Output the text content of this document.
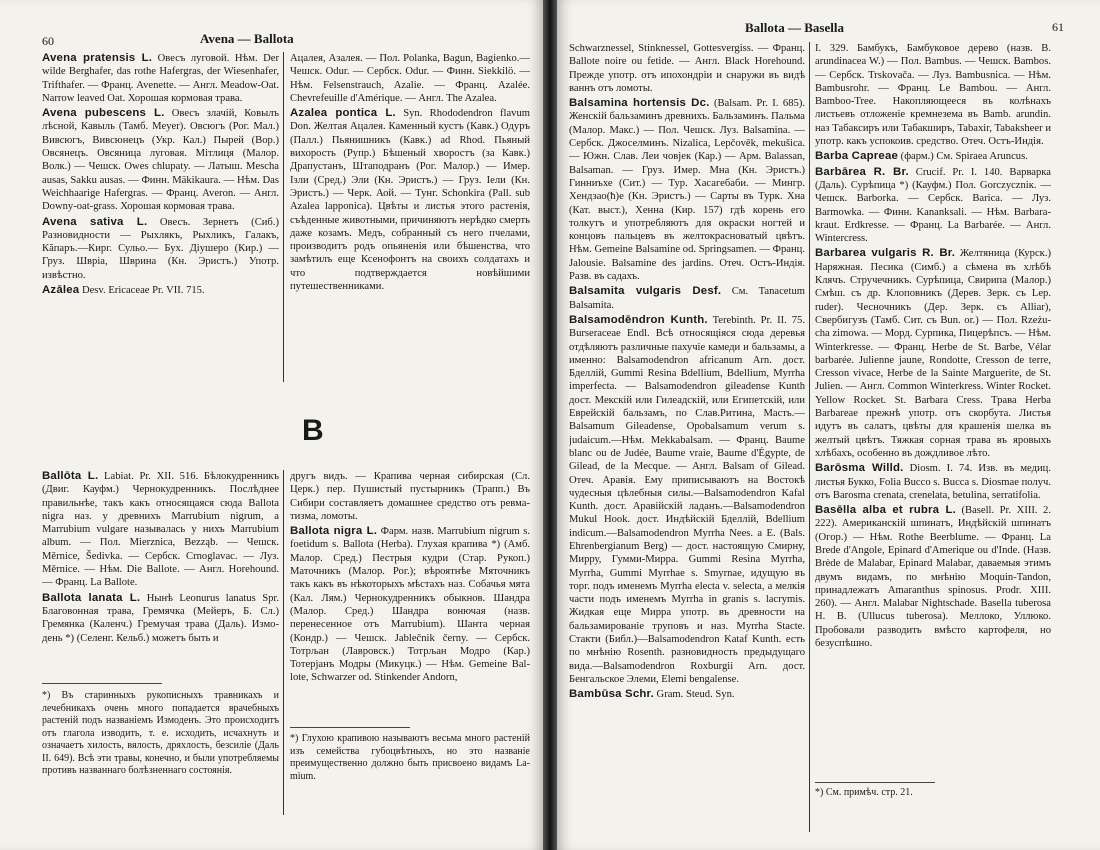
60	Avena — Ballota

Avena pratensis L. Овесъ луговой. Нѣм. Der wilde Berghafer, das rothe Hafergras, der Wiesenhafer, Trifthafer. — Франц. Avenette. — Англ. Meadow-Oat. Narrow leaved Oat. Хорошая кормовая трава.

Avena pubescens L. Овесъ злачій, Ковылъ лѣсной, Кавыль (Тамб. Meyer). Овсюгъ (Рог. Мал.) Вивсюгъ, Вивсюнецъ (Укр. Кал.) Пырей (Вор.) Овсянецъ. Овсяница луговая. Мітлиця (Малор. Волк.) — Чешск. Owes chlupaty. — Латыш. Mescha ausas, Sakku ausas. — Финн. Mäkikaura. — Нѣм. Das Weichhaarige Hafergras. — Франц. Averon. — Англ. Downy-oat-grass. Хорошая кормовая трава.

Avena sativa L. Овесъ. Зернетъ (Сиб.) Разновидности — Рыхлякъ, Рыхликъ, Галакъ, Кăпаръ.—Кирг. Сульо.— Бух. Дiушеро (Кир.) — Груз. Шврiа, Шврина (Кн. Эристъ.) Употр. извѣстно.

Azālea Desv. Ericaceae Pr. VII. 715.

Ацалея, Азалея. — Пол. Polanka, Bagun, Bagienko.— Чешск. Odur. — Сербск. Odur. — Финн. Siekkilö. — Нѣм. Felsenstrauch, Azalie. — Франц. Azalée. Chevrefeuille d'Amérique. — Англ. The Azalea.

Azalea pontica L. Syn. Rhododendron flavum Don. Желтая Ацалея. Каменный кустъ (Кавк.) Одуръ (Палл.) Пьянишникъ (Кавк.) ad Rhod. Пьяный вихорость (Рупр.) Бѣшеный хворостъ (за Кавк.) Драпустанъ, Штаподранъ (Рог. Малор.) — Имер. Ізли (Сред.) Эли (Кн. Эристъ.) — Груз. Іели (Кн. Эристъ.) — Черк. Аой. — Тунг. Schonkira (Pall. sub Azalea lapponica). Цвѣты и листья этого растенія, съѣденные животными, причиняютъ нерѣдко смерть даже козамъ. Медъ, собранный съ него пчелами, производитъ родъ опьяненія или бѣшенства, что замѣтилъ еще Ксенофонтъ на своихъ солдатахъ и что подтверждается новѣйшими путешественниками.

B

Ballōta L. Labiat. Pr. XII. 516. Бѣлокудренникъ (Двиг. Кауфм.) Чернокудренникъ. Послѣднее правильнѣе, такъ какъ относящаяся сюда Ballota nigra наз. у древнихъ Marrubium nigrum, а Marrubium vulgare называлась у нихъ Marrubium album. — Пол. Mierznica, Bezząb. — Чешск. Měrnice, Šedivka. — Сербск. Crnoglavac. — Луз. Měrnice. — Нѣм. Die Ballote. — Англ. Horehound. — Франц. La Ballote.

Ballota lanata L. Нынѣ Leonurus lanatus Spr. Благовонная трава, Гремячка (Мейеръ, Б. Сл.) Гремянка (Каленч.) Гремучая трава (Даль). Измодень *) (Селенг. Кельб.) можетъ быть и

другъ видъ. — Крапива черная сибирская (Сл. Церк.) пер. Пушистый пустырникъ (Трапп.) Въ Сибири составляетъ домашнее средство отъ ревматизма, ломоты.

Ballota nigra L. Фарм. назв. Marrubium nigrum s. foetidum s. Ballota (Herba). Глухая крапива *) (Амб. Малор. Сред.) Пестрыя кудри (Стар. Рукоп.) Маточникъ (Малор. Рог.); вѣроятнѣе Мяточникъ такъ какъ въ нѣкоторыхъ мѣстахъ наз. Собачья мята (Кал. Лям.) Чернокудренникъ обыкнов. Шандра (Малор. Сред.) Шандра вонючая (назв. перенесенное отъ Marrubium). Шанта черная (Кондр.) — Чешск. Jablečnik černy. — Сербск. Тотрљан (Лавровск.) Тотрљан Модро (Кар.) Тотерјанъ Модры (Микуцк.) — Нѣм. Gemeine Ballote, Schwarzer od. Stinkender Andorn,

*) Въ старинныхъ рукописныхъ травникахъ и лечебникахъ очень много попадается врачебныхъ растеній подъ названіемъ Измоденъ. Это происходитъ отъ глагола изводить, т. е. исходить, исчахнуть и означаетъ хилость, вялость, дряхлость, безсиліе (Даль II. 649). Всѣ эти травы, конечно, и были употребляемы противъ названнаго болѣзненнаго состоянія.
*) Глухою крапивою называютъ весьма много растеній изъ семейства губоцвѣтныхъ, но это названіе преимущественно должно быть присвоено видамъ Lamium.
Ballota — Basella	61

Schwarznessel, Stinknessel, Gottesvergiss. — Франц. Ballote noire ou fetide. — Англ. Black Horehound. Прежде употр. отъ ипохондріи и снаружи въ видѣ ваннъ отъ ломоты.

Balsamina hortensis Dc. (Balsam. Pr. I. 685). Женскій бальзаминъ древнихъ. Бальзаминъ. Пальма (Малор. Макс.) — Пол. Чешск. Луз. Balsamina. — Сербск. Джоселминъ. Nizalica, Lepčovēk, mekušica. — Южн. Слав. Леи човјек (Кар.) — Арм. Balassan, Balsaman. — Груз. Имер. Мна (Кн. Эристъ.) Гинниъхе (Сит.) — Тур. Хасагебаби. — Мингр. Хендзао(ħ)е (Кн. Эристъ.) — Сарты въ Турк. Хна (Кат. выст.), Хенна (Кир. 157) гдѣ корень его толкутъ и употребляютъ для окраски ногтей и концовъ пальцевъ въ желтокрасноватый цвѣтъ. Нѣм. Gemeine Balsamine od. Springsamen. — Франц. Jalousie. Balsamine des jardins. Отеч. Остъ-Индія. Разв. въ садахъ.

Balsamita vulgaris Desf. См. Tanacetum Balsamita.

Balsamodēndron Kunth. Terebinth. Pr. II. 75. Burseraceae Endl. Всѣ относящіяся сюда деревья отдѣляютъ различные пахучіе камеди и бальзамы, а именно: Balsamodendron africanum Arn. дост. Бделлій, Gummi Resina Bdellium, Bdellium, Myrrha imperfecta. — Balsamodendron gileadense Kunth дост. Мекскій или Гилеадскій, или Египетскій, или Еврейскій бальзамъ, по Слав.Ритина, Масть.—Balsamum Gileadense, Opobalsamum verum s. judaicum.—Нѣм. Mekkabalsam. — Франц. Baume blanc ou de Judée, Baume vraie, Baume d'Égypte, de Gilead, de la Mecque. — Англ. Balsam of Gilead. Отеч. Аравія. Ему приписываютъ на Востокѣ чудесныя цѣлебныя силы.—Balsamodendron Kafal Kunth. дост. Аравійскій ладанъ.—Balsamodendron Mukul Hook. дост. Индѣйскій Бделлій, Bdellium indicum.—Balsamodendron Myrrha Nees. a E. (Bals. Ehrenbergianum Berg) — дост. настоящую Смирну, Мирру, Гумми-Мирра. Gummi Resina Myrrha, Myrrha, Gummi Myrrhae s. Smyrnae, идущую въ торг. подъ именемъ Myrrha electa v. selecta, а мелкія части подъ именемъ Myrrha in granis s. lacrymis. Жидкая еще Мирра употр. въ древности на бальзамированіе труповъ и наз. Myrrha Stacte. Стакти (Библ.)—Balsamodendron Kataf Kunth. есть по мнѣнію Rosenth. разновидность предыдущаго вида.—Balsamodendron Roxburgii Arn. дост. Бенгальское Элеми, Elemi bengalense.

Bambūsa Schr. Gram. Steud. Syn.

I. 329. Бамбукъ, Бамбуковое дерево (назв. В. arundinacea W.) — Пол. Bambus. — Чешск. Bambos. — Сербск. Trskovača. — Луз. Bambusnica. — Нѣм. Bambusrohr. — Франц. Le Bambou. — Англ. Bamboo-Tree. Накопляющееся въ колѣнахъ листьевъ отложеніе кремнезема въ Bamb. arundin. наз Табаксиръ или Табакширъ, Tabaxir, Tabaksheer и употр. какъ успокоив. средство. Отеч. Остъ-Индія.

Barba Capreae (фарм.) См. Spiraea Aruncus.

Barbārea R. Br. Crucif. Pr. I. 140. Варварка (Даль). Сурѣпица *) (Кауфм.) Пол. Gorczyczniк. — Чешск. Barborka. — Сербск. Barica. — Луз. Barmowka. — Финн. Kananksali. — Нѣм. Barbarakraut. Erdkresse. — Франц. La Barbarée. — Англ. Wintercress.

Barbarea vulgaris R. Br. Желтяница (Курск.) Наряжная. Песика (Симб.) а сѣмена въ хлѣбѣ Клячъ. Стручечникъ. Сурѣпица, Свирипа (Малор.) Смѣш. съ др. Клоповникъ (Дерев. Зерк. съ Lep. ruder). Чесночникъ (Дер. Зерк. съ Alliar), Свербигузъ (Тамб. Сит. съ Bun. or.) — Пол. Rzeżucha zimowa. — Морд. Сурпика, Пицерѣпсъ. — Нѣм. Winterkresse. — Франц. Herbe de St. Barbe, Vélar barbarée. Julienne jaune, Rondotte, Cresson de terre, Cresson vivace, Herbe de la Sainte Marguerite, de St. Julien. — Англ. Common Winterkress. Winter Rocket. Yellow Rocket. St. Barbara Cress. Трава Herba Barbareae прежнѣ употр. отъ скорбута. Листья идутъ въ салатъ, цвѣты для крашенія шелка въ желтый цвѣтъ. Тяжкая сорная трава въ яровыхъ хлѣбахъ, особенно въ дождливое лѣто.

Barōsma Willd. Diosm. I. 74. Изв. въ медиц. листья Букко, Folia Bucco s. Bucca s. Diosmae получ. отъ Barosma crenata, crenelata, betulina, serratifolia.

Basēlla alba et rubra L. (Basell. Pr. XIII. 2. 222). Американскій шпинатъ, Индѣйскій шпинатъ (Огор.) — Нѣм. Rothe Beerblume. — Франц. La Brede d'Angole, Epinard d'Amerique ou d'Inde. (Назв. Brède de Malabar, Epinard Malabar, даваемыя этимъ двумъ видамъ, по мнѣнію Moquin-Tandon, принадлежатъ Amaranthus spinosus. Prodr. XIII. 260). — Англ. Malabar Nightschade. Basella tuberosa H. B. (Ullucus tuberosa). Меллоко, Уллюко. Пробовали разводить вмѣсто картофеля, но безуспѣшно.

*) См. примѣч. стр. 21.
